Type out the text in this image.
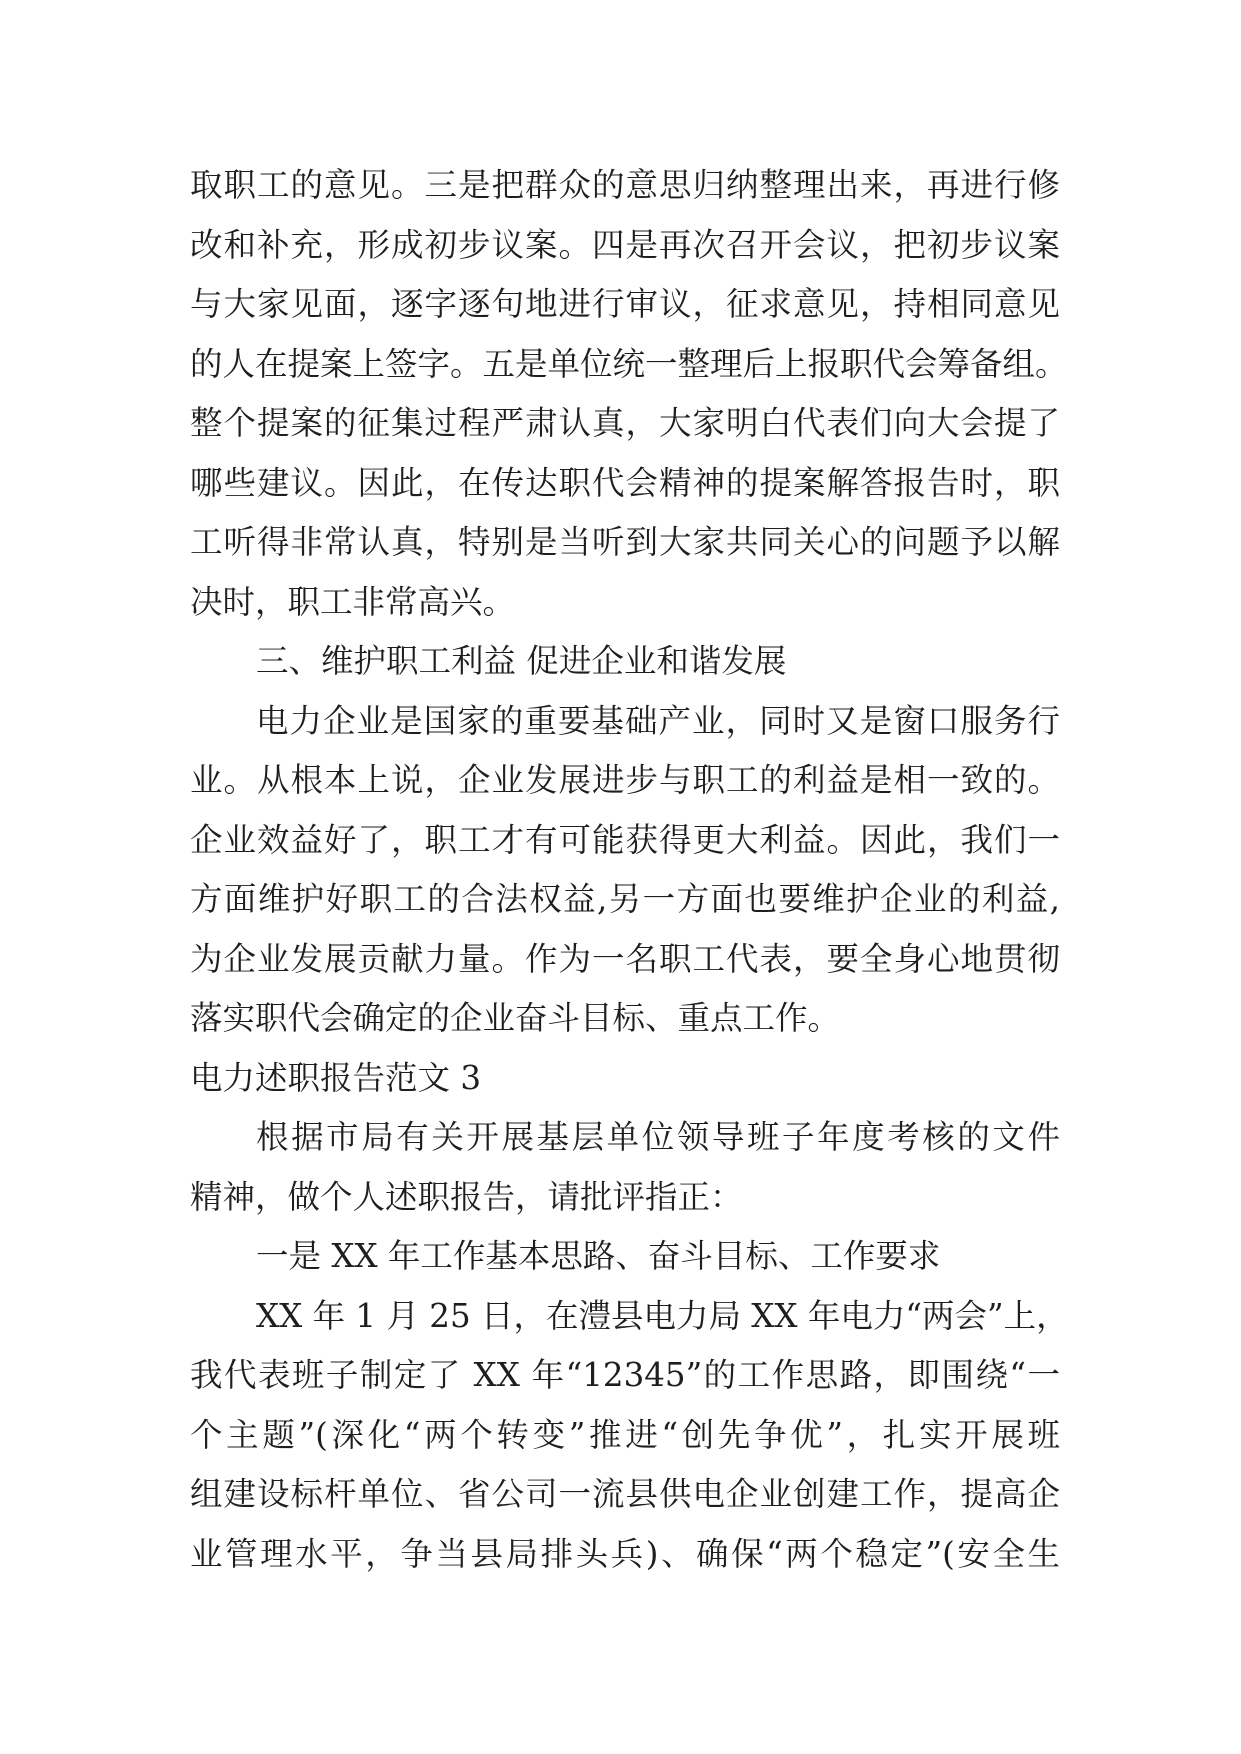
取职工的意见。三是把群众的意思归纳整理出来，再进行修
改和补充，形成初步议案。四是再次召开会议，把初步议案
与大家见面，逐字逐句地进行审议，征求意见，持相同意见
的人在提案上签字。五是单位统一整理后上报职代会筹备组。
整个提案的征集过程严肃认真，大家明白代表们向大会提了
哪些建议。因此，在传达职代会精神的提案解答报告时，职
工听得非常认真，特别是当听到大家共同关心的问题予以解
决时，职工非常高兴。
三、维护职工利益 促进企业和谐发展
电力企业是国家的重要基础产业，同时又是窗口服务行
业。从根本上说，企业发展进步与职工的利益是相一致的。
企业效益好了，职工才有可能获得更大利益。因此，我们一
方面维护好职工的合法权益,另一方面也要维护企业的利益,
为企业发展贡献力量。作为一名职工代表，要全身心地贯彻
落实职代会确定的企业奋斗目标、重点工作。
电力述职报告范文 3
根据市局有关开展基层单位领导班子年度考核的文件
精神，做个人述职报告，请批评指正：
一是 XX 年工作基本思路、奋斗目标、工作要求
XX 年 1 月 25 日，在澧县电力局 XX 年电力“两会”上，
我代表班子制定了 XX 年“12345”的工作思路，即围绕“一
个主题”(深化“两个转变”推进“创先争优”，扎实开展班
组建设标杆单位、省公司一流县供电企业创建工作，提高企
业管理水平，争当县局排头兵)、确保“两个稳定”(安全生
